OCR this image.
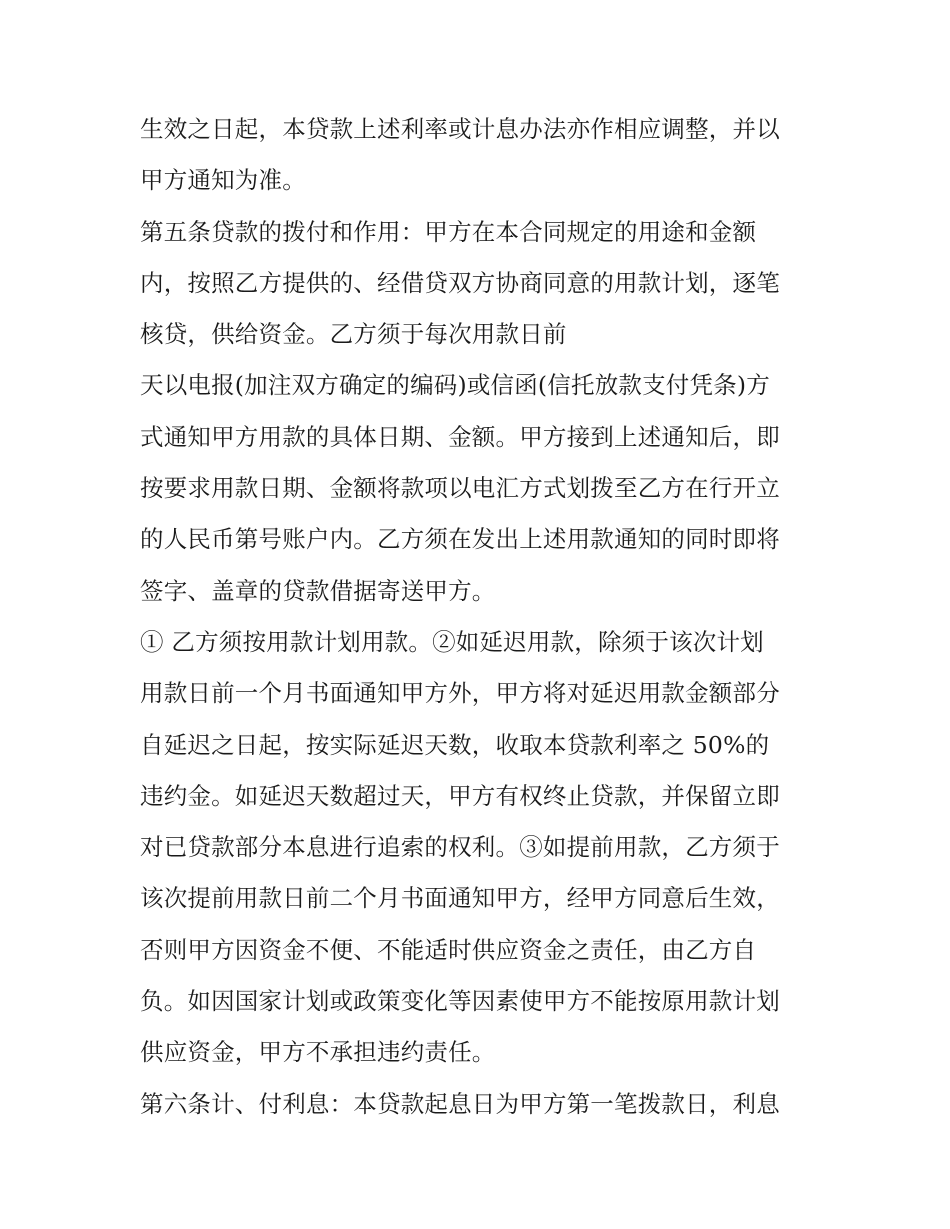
生效之日起，本贷款上述利率或计息办法亦作相应调整，并以
甲方通知为准。
第五条贷款的拨付和作用：甲方在本合同规定的用途和金额
内，按照乙方提供的、经借贷双方协商同意的用款计划，逐笔
核贷，供给资金。乙方须于每次用款日前
天以电报(加注双方确定的编码)或信函(信托放款支付凭条)方
式通知甲方用款的具体日期、金额。甲方接到上述通知后，即
按要求用款日期、金额将款项以电汇方式划拨至乙方在行开立
的人民币第号账户内。乙方须在发出上述用款通知的同时即将
签字、盖章的贷款借据寄送甲方。
① 乙方须按用款计划用款。②如延迟用款，除须于该次计划
用款日前一个月书面通知甲方外，甲方将对延迟用款金额部分
自延迟之日起，按实际延迟天数，收取本贷款利率之 50%的
违约金。如延迟天数超过天，甲方有权终止贷款，并保留立即
对已贷款部分本息进行追索的权利。③如提前用款，乙方须于
该次提前用款日前二个月书面通知甲方，经甲方同意后生效，
否则甲方因资金不便、不能适时供应资金之责任，由乙方自
负。如因国家计划或政策变化等因素使甲方不能按原用款计划
供应资金，甲方不承担违约责任。
第六条计、付利息：本贷款起息日为甲方第一笔拨款日，利息
